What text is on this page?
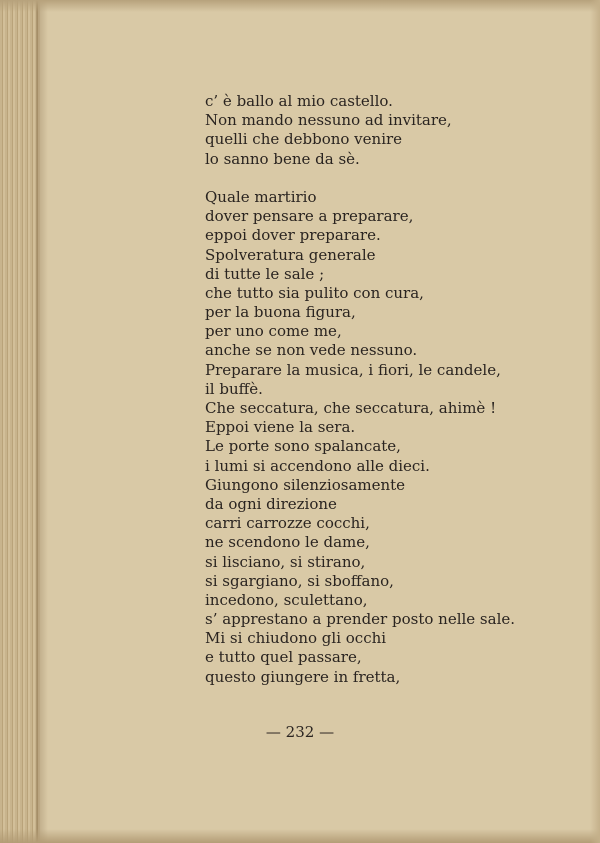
c’ è ballo al mio castello.
Non mando nessuno ad invitare,
quelli che debbono venire
lo sanno bene da sè.
Quale martirio
dover pensare a preparare,
eppoi dover preparare.
Spolveratura generale
di tutte le sale ;
che tutto sia pulito con cura,
per la buona figura,
per uno come me,
anche se non vede nessuno.
Preparare la musica, i fiori, le candele,
il buffè.
Che seccatura, che seccatura, ahimè !
Eppoi viene la sera.
Le porte sono spalancate,
i lumi si accendono alle dieci.
Giungono silenziosamente
da ogni direzione
carri carrozze cocchi,
ne scendono le dame,
si lisciano, si stirano,
si sgargiano, si sboffano,
incedono, sculettano,
s’ apprestano a prender posto nelle sale.
Mi si chiudono gli occhi
e tutto quel passare,
questo giungere in fretta,
— 232 —
